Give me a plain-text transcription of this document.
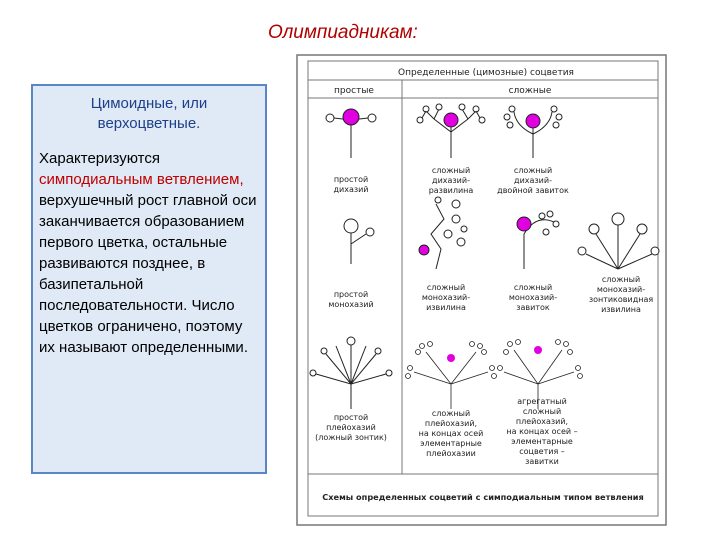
Олимпиадникам:
Цимоидные, или верхоцветные.
Характеризуются симподиальным ветвлением, верхушечный рост главной оси заканчивается образованием первого цветка, остальные развиваются позднее, в базипетальной последовательности. Число цветков ограничено, поэтому их называют определенными.
Определенные (цимозные) соцветия
простые	сложные
Схемы определенных соцветий с симподиальным типом ветвления
простой дихазий
сложный дихазий-развилина
сложный дихазий-двойной завиток
простой монохазий
сложный монохазий-извилина
сложный монохазий-завиток
сложный монохазий-зонтиковидная извилина
простой плейохазий (ложный зонтик)
сложный плейохазий, на концах осей элементарные плейохазии
агрегатный сложный плейохазий, на концах осей – элементарные соцветия – завитки
